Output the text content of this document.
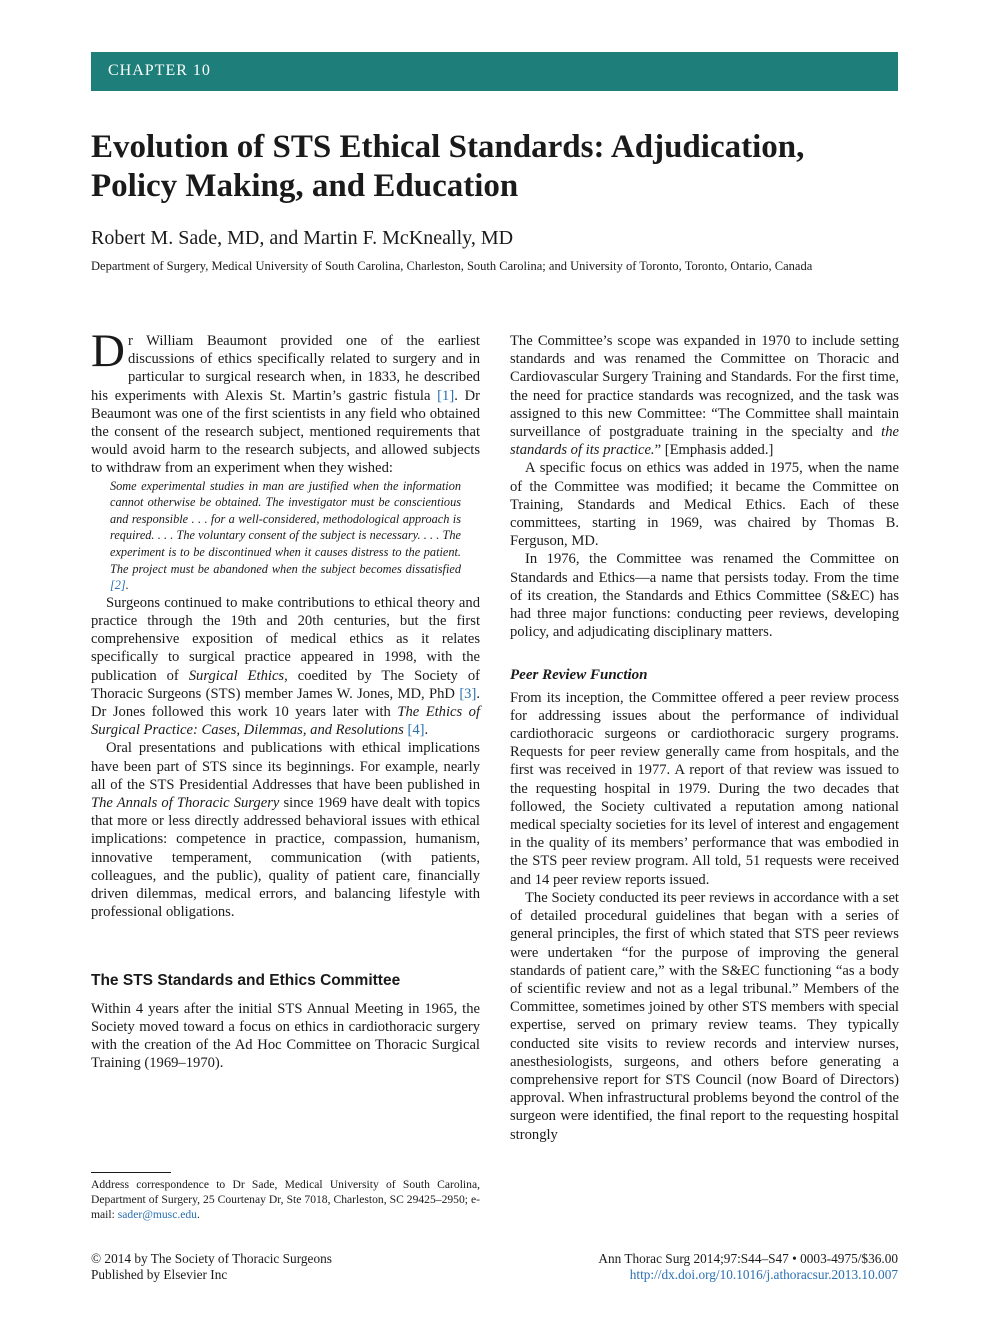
CHAPTER 10
Evolution of STS Ethical Standards: Adjudication, Policy Making, and Education
Robert M. Sade, MD, and Martin F. McKneally, MD
Department of Surgery, Medical University of South Carolina, Charleston, South Carolina; and University of Toronto, Toronto, Ontario, Canada

Dr William Beaumont provided one of the earliest discussions of ethics specifically related to surgery and in particular to surgical research when, in 1833, he described his experiments with Alexis St. Martin’s gastric fistula [1]. Dr Beaumont was one of the first scientists in any field who obtained the consent of the research subject, mentioned requirements that would avoid harm to the research subjects, and allowed subjects to withdraw from an experiment when they wished:

Some experimental studies in man are justified when the information cannot otherwise be obtained. The investigator must be conscientious and responsible . . . for a well-considered, methodological approach is required. . . . The voluntary consent of the subject is necessary. . . . The experiment is to be discontinued when it causes distress to the patient. The project must be abandoned when the subject becomes dissatisfied [2].

Surgeons continued to make contributions to ethical theory and practice through the 19th and 20th centuries, but the first comprehensive exposition of medical ethics as it relates specifically to surgical practice appeared in 1998, with the publication of Surgical Ethics, coedited by The Society of Thoracic Surgeons (STS) member James W. Jones, MD, PhD [3]. Dr Jones followed this work 10 years later with The Ethics of Surgical Practice: Cases, Dilemmas, and Resolutions [4].

Oral presentations and publications with ethical implications have been part of STS since its beginnings. For example, nearly all of the STS Presidential Addresses that have been published in The Annals of Thoracic Surgery since 1969 have dealt with topics that more or less directly addressed behavioral issues with ethical implications: competence in practice, compassion, humanism, innovative temperament, communication (with patients, colleagues, and the public), quality of patient care, financially driven dilemmas, medical errors, and balancing lifestyle with professional obligations.

The STS Standards and Ethics Committee

Within 4 years after the initial STS Annual Meeting in 1965, the Society moved toward a focus on ethics in cardiothoracic surgery with the creation of the Ad Hoc Committee on Thoracic Surgical Training (1969–1970).

The Committee’s scope was expanded in 1970 to include setting standards and was renamed the Committee on Thoracic and Cardiovascular Surgery Training and Standards. For the first time, the need for practice standards was recognized, and the task was assigned to this new Committee: “The Committee shall maintain surveillance of postgraduate training in the specialty and the standards of its practice.” [Emphasis added.]

A specific focus on ethics was added in 1975, when the name of the Committee was modified; it became the Committee on Training, Standards and Medical Ethics. Each of these committees, starting in 1969, was chaired by Thomas B. Ferguson, MD.

In 1976, the Committee was renamed the Committee on Standards and Ethics—a name that persists today. From the time of its creation, the Standards and Ethics Committee (S&EC) has had three major functions: conducting peer reviews, developing policy, and adjudicating disciplinary matters.

Peer Review Function

From its inception, the Committee offered a peer review process for addressing issues about the performance of individual cardiothoracic surgeons or cardiothoracic surgery programs. Requests for peer review generally came from hospitals, and the first was received in 1977. A report of that review was issued to the requesting hospital in 1979. During the two decades that followed, the Society cultivated a reputation among national medical specialty societies for its level of interest and engagement in the quality of its members’ performance that was embodied in the STS peer review program. All told, 51 requests were received and 14 peer review reports issued.

The Society conducted its peer reviews in accordance with a set of detailed procedural guidelines that began with a series of general principles, the first of which stated that STS peer reviews were undertaken “for the purpose of improving the general standards of patient care,” with the S&EC functioning “as a body of scientific review and not as a legal tribunal.” Members of the Committee, sometimes joined by other STS members with special expertise, served on primary review teams. They typically conducted site visits to review records and interview nurses, anesthesiologists, surgeons, and others before generating a comprehensive report for STS Council (now Board of Directors) approval. When infrastructural problems beyond the control of the surgeon were identified, the final report to the requesting hospital strongly

Address correspondence to Dr Sade, Medical University of South Carolina, Department of Surgery, 25 Courtenay Dr, Ste 7018, Charleston, SC 29425–2950; e-mail: sader@musc.edu.
© 2014 by The Society of Thoracic Surgeons
Published by Elsevier Inc
Ann Thorac Surg 2014;97:S44–S47 • 0003-4975/$36.00
http://dx.doi.org/10.1016/j.athoracsur.2013.10.007
